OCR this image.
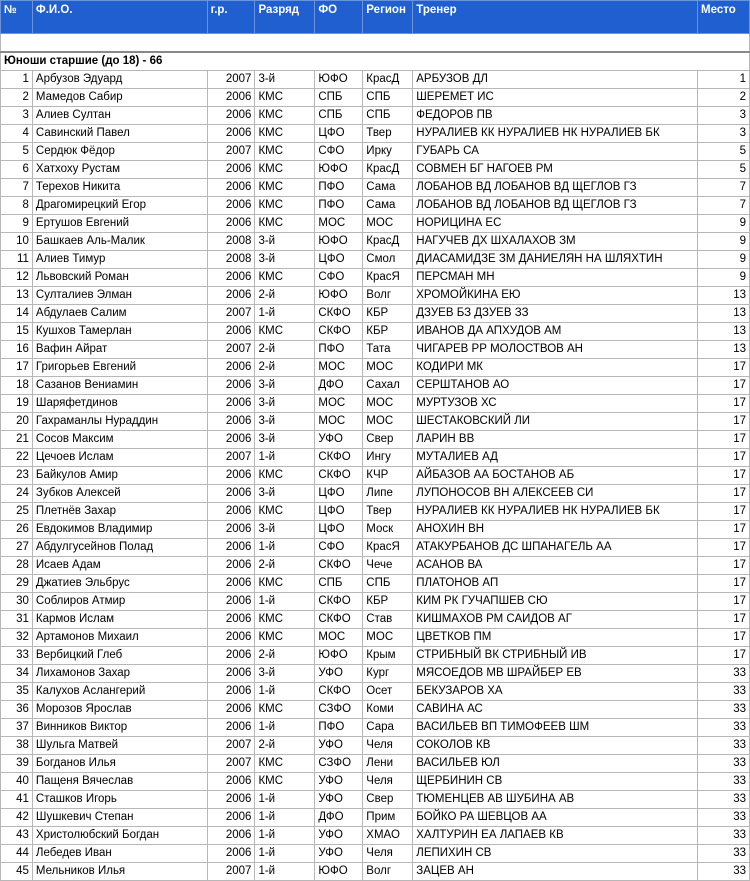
№	Ф.И.О.	г.р.	Разряд	ФО	Регион	Тренер	Место

Юноши старшие (до 18) - 66							
1	Арбузов Эдуард	2007	3-й	ЮФО	КрасД	АРБУЗОВ ДЛ	1
2	Мамедов Сабир	2006	КМС	СПБ	СПБ	ШЕРЕМЕТ ИС	2
3	Алиев Султан	2006	КМС	СПБ	СПБ	ФЕДОРОВ ПВ	3
4	Савинский Павел	2006	КМС	ЦФО	Твер	НУРАЛИЕВ КК НУРАЛИЕВ НК НУРАЛИЕВ БК	3
5	Сердюк Фёдор	2007	КМС	СФО	Ирку	ГУБАРЬ СА	5
6	Хатхоху Рустам	2006	КМС	ЮФО	КрасД	СОВМЕН БГ НАГОЕВ РМ	5
7	Терехов Никита	2006	КМС	ПФО	Сама	ЛОБАНОВ ВД ЛОБАНОВ ВД ЩЕГЛОВ ГЗ	7
8	Драгомирецкий Егор	2006	КМС	ПФО	Сама	ЛОБАНОВ ВД ЛОБАНОВ ВД ЩЕГЛОВ ГЗ	7
9	Ертушов Евгений	2006	КМС	МОС	МОС	НОРИЦИНА ЕС	9
10	Башкаев Аль-Малик	2008	3-й	ЮФО	КрасД	НАГУЧЕВ ДХ ШХАЛАХОВ ЗМ	9
11	Алиев Тимур	2008	3-й	ЦФО	Смол	ДИАСАМИДЗЕ ЗМ ДАНИЕЛЯН НА ШЛЯХТИН	9
12	Львовский Роман	2006	КМС	СФО	КрасЯ	ПЕРСМАН МН	9
13	Султалиев Элман	2006	2-й	ЮФО	Волг	ХРОМОЙКИНА ЕЮ	13
14	Абдулаев Салим	2007	1-й	СКФО	КБР	ДЗУЕВ БЗ ДЗУЕВ ЗЗ	13
15	Кушхов Тамерлан	2006	КМС	СКФО	КБР	ИВАНОВ ДА АПХУДОВ АМ	13
16	Вафин Айрат	2007	2-й	ПФО	Тата	ЧИГАРЕВ РР МОЛОСТВОВ АН	13
17	Григорьев Евгений	2006	2-й	МОС	МОС	КОДИРИ МК	17
18	Сазанов Вениамин	2006	3-й	ДФО	Сахал	СЕРШТАНОВ АО	17
19	Шаряфетдинов	2006	3-й	МОС	МОС	МУРТУЗОВ ХС	17
20	Гахраманлы Нураддин	2006	3-й	МОС	МОС	ШЕСТАКОВСКИЙ ЛИ	17
21	Сосов Максим	2006	3-й	УФО	Свер	ЛАРИН ВВ	17
22	Цечоев Ислам	2007	1-й	СКФО	Ингу	МУТАЛИЕВ АД	17
23	Байкулов Амир	2006	КМС	СКФО	КЧР	АЙБАЗОВ АА БОСТАНОВ АБ	17
24	Зубков Алексей	2006	3-й	ЦФО	Липе	ЛУПОНОСОВ ВН АЛЕКСЕЕВ СИ	17
25	Плетнёв Захар	2006	КМС	ЦФО	Твер	НУРАЛИЕВ КК НУРАЛИЕВ НК НУРАЛИЕВ БК	17
26	Евдокимов Владимир	2006	3-й	ЦФО	Моск	АНОХИН ВН	17
27	Абдулгусейнов Полад	2006	1-й	СФО	КрасЯ	АТАКУРБАНОВ ДС ШПАНАГЕЛЬ АА	17
28	Исаев Адам	2006	2-й	СКФО	Чече	АСАНОВ ВА	17
29	Джатиев Эльбрус	2006	КМС	СПБ	СПБ	ПЛАТОНОВ АП	17
30	Соблиров Атмир	2006	1-й	СКФО	КБР	КИМ РК ГУЧАПШЕВ СЮ	17
31	Кармов Ислам	2006	КМС	СКФО	Став	КИШМАХОВ РМ САИДОВ АГ	17
32	Артамонов Михаил	2006	КМС	МОС	МОС	ЦВЕТКОВ ПМ	17
33	Вербицкий Глеб	2006	2-й	ЮФО	Крым	СТРИБНЫЙ ВК СТРИБНЫЙ ИВ	17
34	Лихамонов Захар	2006	3-й	УФО	Кург	МЯСОЕДОВ МВ ШРАЙБЕР ЕВ	33
35	Калухов Аслангерий	2006	1-й	СКФО	Осет	БЕКУЗАРОВ ХА	33
36	Морозов Ярослав	2006	КМС	СЗФО	Коми	САВИНА АС	33
37	Винников Виктор	2006	1-й	ПФО	Сара	ВАСИЛЬЕВ ВП ТИМОФЕЕВ ШМ	33
38	Шульга Матвей	2007	2-й	УФО	Челя	СОКОЛОВ КВ	33
39	Богданов Илья	2007	КМС	СЗФО	Лени	ВАСИЛЬЕВ ЮЛ	33
40	Пащеня Вячеслав	2006	КМС	УФО	Челя	ЩЕРБИНИН СВ	33
41	Сташков Игорь	2006	1-й	УФО	Свер	ТЮМЕНЦЕВ АВ ШУБИНА АВ	33
42	Шушкевич Степан	2006	1-й	ДФО	Прим	БОЙКО РА ШЕВЦОВ АА	33
43	Христолюбский Богдан	2006	1-й	УФО	ХМАО	ХАЛТУРИН ЕА ЛАПАЕВ КВ	33
44	Лебедев Иван	2006	1-й	УФО	Челя	ЛЕПИХИН СВ	33
45	Мельников Илья	2007	1-й	ЮФО	Волг	ЗАЦЕВ АН	33
